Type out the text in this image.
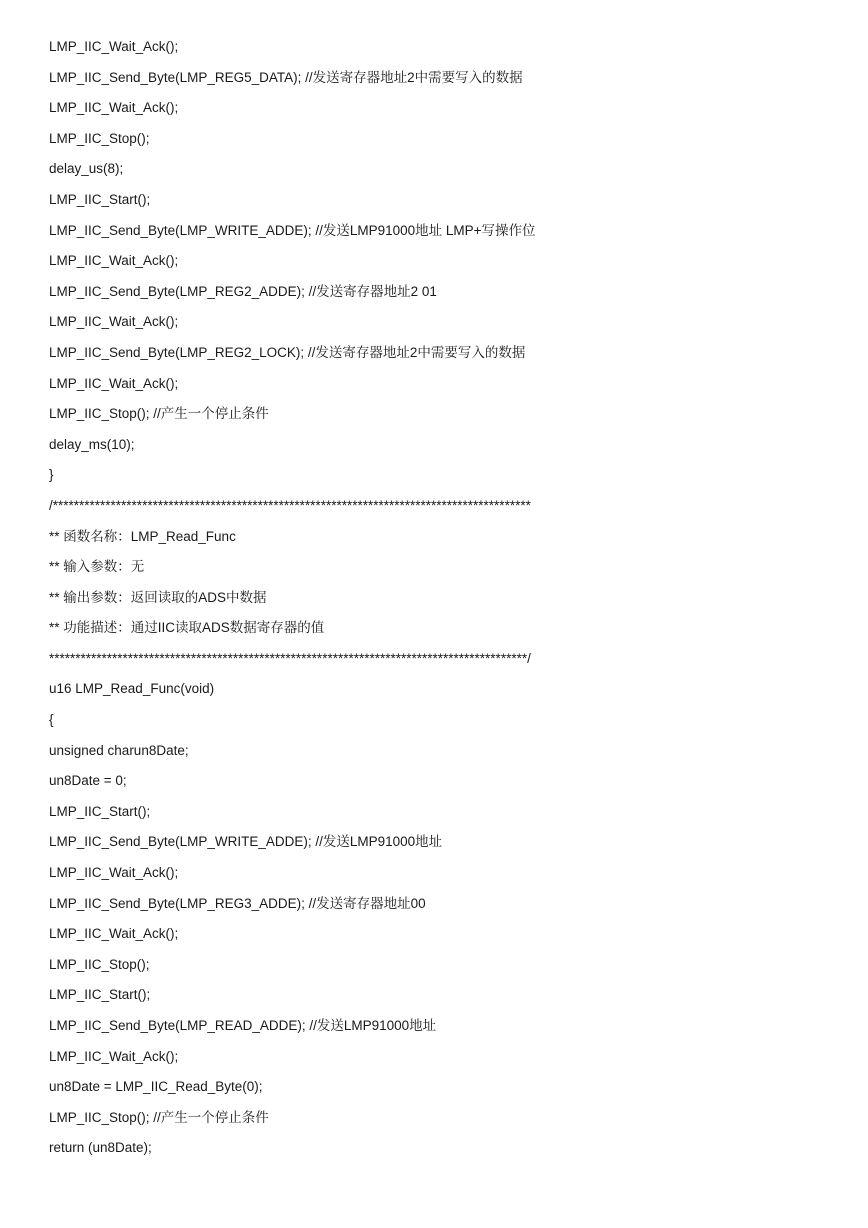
LMP_IIC_Wait_Ack();
LMP_IIC_Send_Byte(LMP_REG5_DATA); //发送寄存器地址2中需要写入的数据
LMP_IIC_Wait_Ack();
LMP_IIC_Stop();
delay_us(8);
LMP_IIC_Start();
LMP_IIC_Send_Byte(LMP_WRITE_ADDE); //发送LMP91000地址 LMP+写操作位
LMP_IIC_Wait_Ack();
LMP_IIC_Send_Byte(LMP_REG2_ADDE); //发送寄存器地址2 01
LMP_IIC_Wait_Ack();
LMP_IIC_Send_Byte(LMP_REG2_LOCK); //发送寄存器地址2中需要写入的数据
LMP_IIC_Wait_Ack();
LMP_IIC_Stop(); //产生一个停止条件
delay_ms(10);
}
/*******************************************************************************************
** 函数名称：LMP_Read_Func
** 输入参数：无
** 输出参数：返回读取的ADS中数据
** 功能描述：通过IIC读取ADS数据寄存器的值
*******************************************************************************************/
u16 LMP_Read_Func(void)
{
unsigned charun8Date;
un8Date = 0;
LMP_IIC_Start();
LMP_IIC_Send_Byte(LMP_WRITE_ADDE); //发送LMP91000地址
LMP_IIC_Wait_Ack();
LMP_IIC_Send_Byte(LMP_REG3_ADDE); //发送寄存器地址00
LMP_IIC_Wait_Ack();
LMP_IIC_Stop();
LMP_IIC_Start();
LMP_IIC_Send_Byte(LMP_READ_ADDE); //发送LMP91000地址
LMP_IIC_Wait_Ack();
un8Date = LMP_IIC_Read_Byte(0);
LMP_IIC_Stop(); //产生一个停止条件
return (un8Date);
